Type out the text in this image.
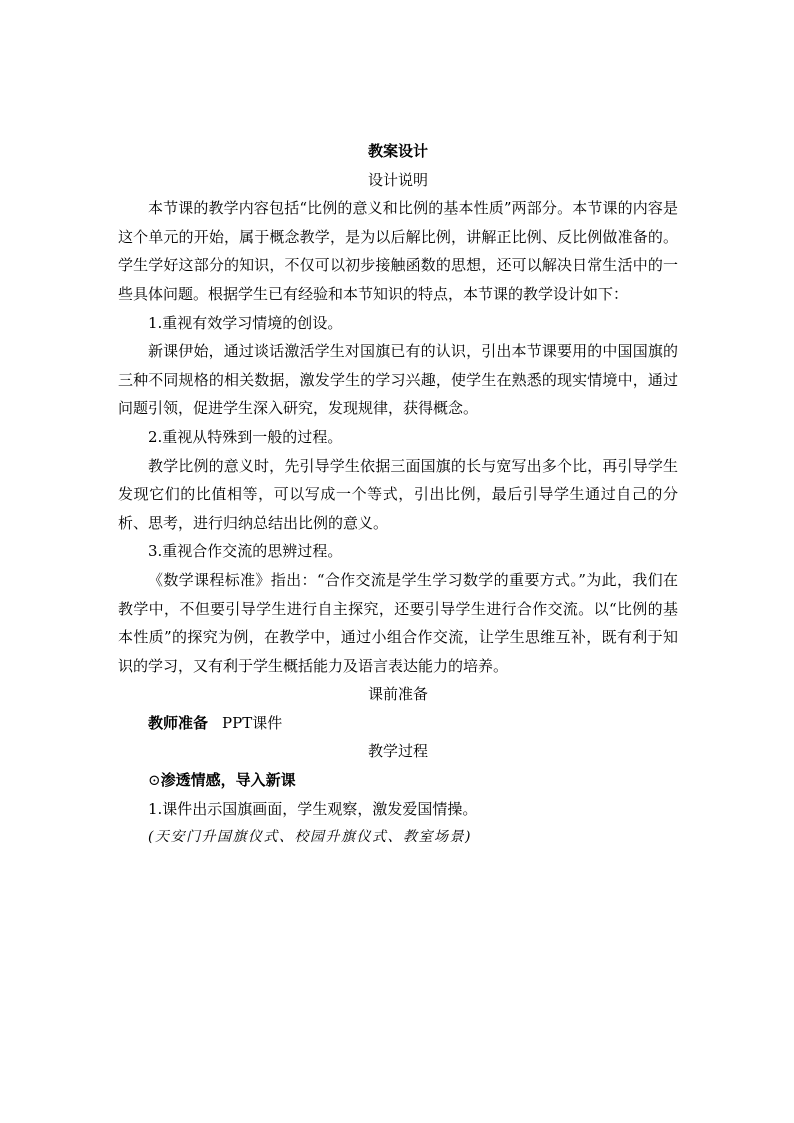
教案设计

设计说明

本节课的教学内容包括“比例的意义和比例的基本性质”两部分。本节课的内容是这个单元的开始，属于概念教学，是为以后解比例，讲解正比例、反比例做准备的。学生学好这部分的知识，不仅可以初步接触函数的思想，还可以解决日常生活中的一些具体问题。根据学生已有经验和本节知识的特点，本节课的教学设计如下：

1.重视有效学习情境的创设。

新课伊始，通过谈话激活学生对国旗已有的认识，引出本节课要用的中国国旗的三种不同规格的相关数据，激发学生的学习兴趣，使学生在熟悉的现实情境中，通过问题引领，促进学生深入研究，发现规律，获得概念。

2.重视从特殊到一般的过程。

教学比例的意义时，先引导学生依据三面国旗的长与宽写出多个比，再引导学生发现它们的比值相等，可以写成一个等式，引出比例，最后引导学生通过自己的分析、思考，进行归纳总结出比例的意义。

3.重视合作交流的思辨过程。

《数学课程标准》指出：“合作交流是学生学习数学的重要方式。”为此，我们在教学中，不但要引导学生进行自主探究，还要引导学生进行合作交流。以“比例的基本性质”的探究为例，在教学中，通过小组合作交流，让学生思维互补，既有利于知识的学习，又有利于学生概括能力及语言表达能力的培养。

课前准备

教师准备 PPT课件

教学过程

⊙渗透情感，导入新课

1.课件出示国旗画面，学生观察，激发爱国情操。

(天安门升国旗仪式、校园升旗仪式、教室场景)
